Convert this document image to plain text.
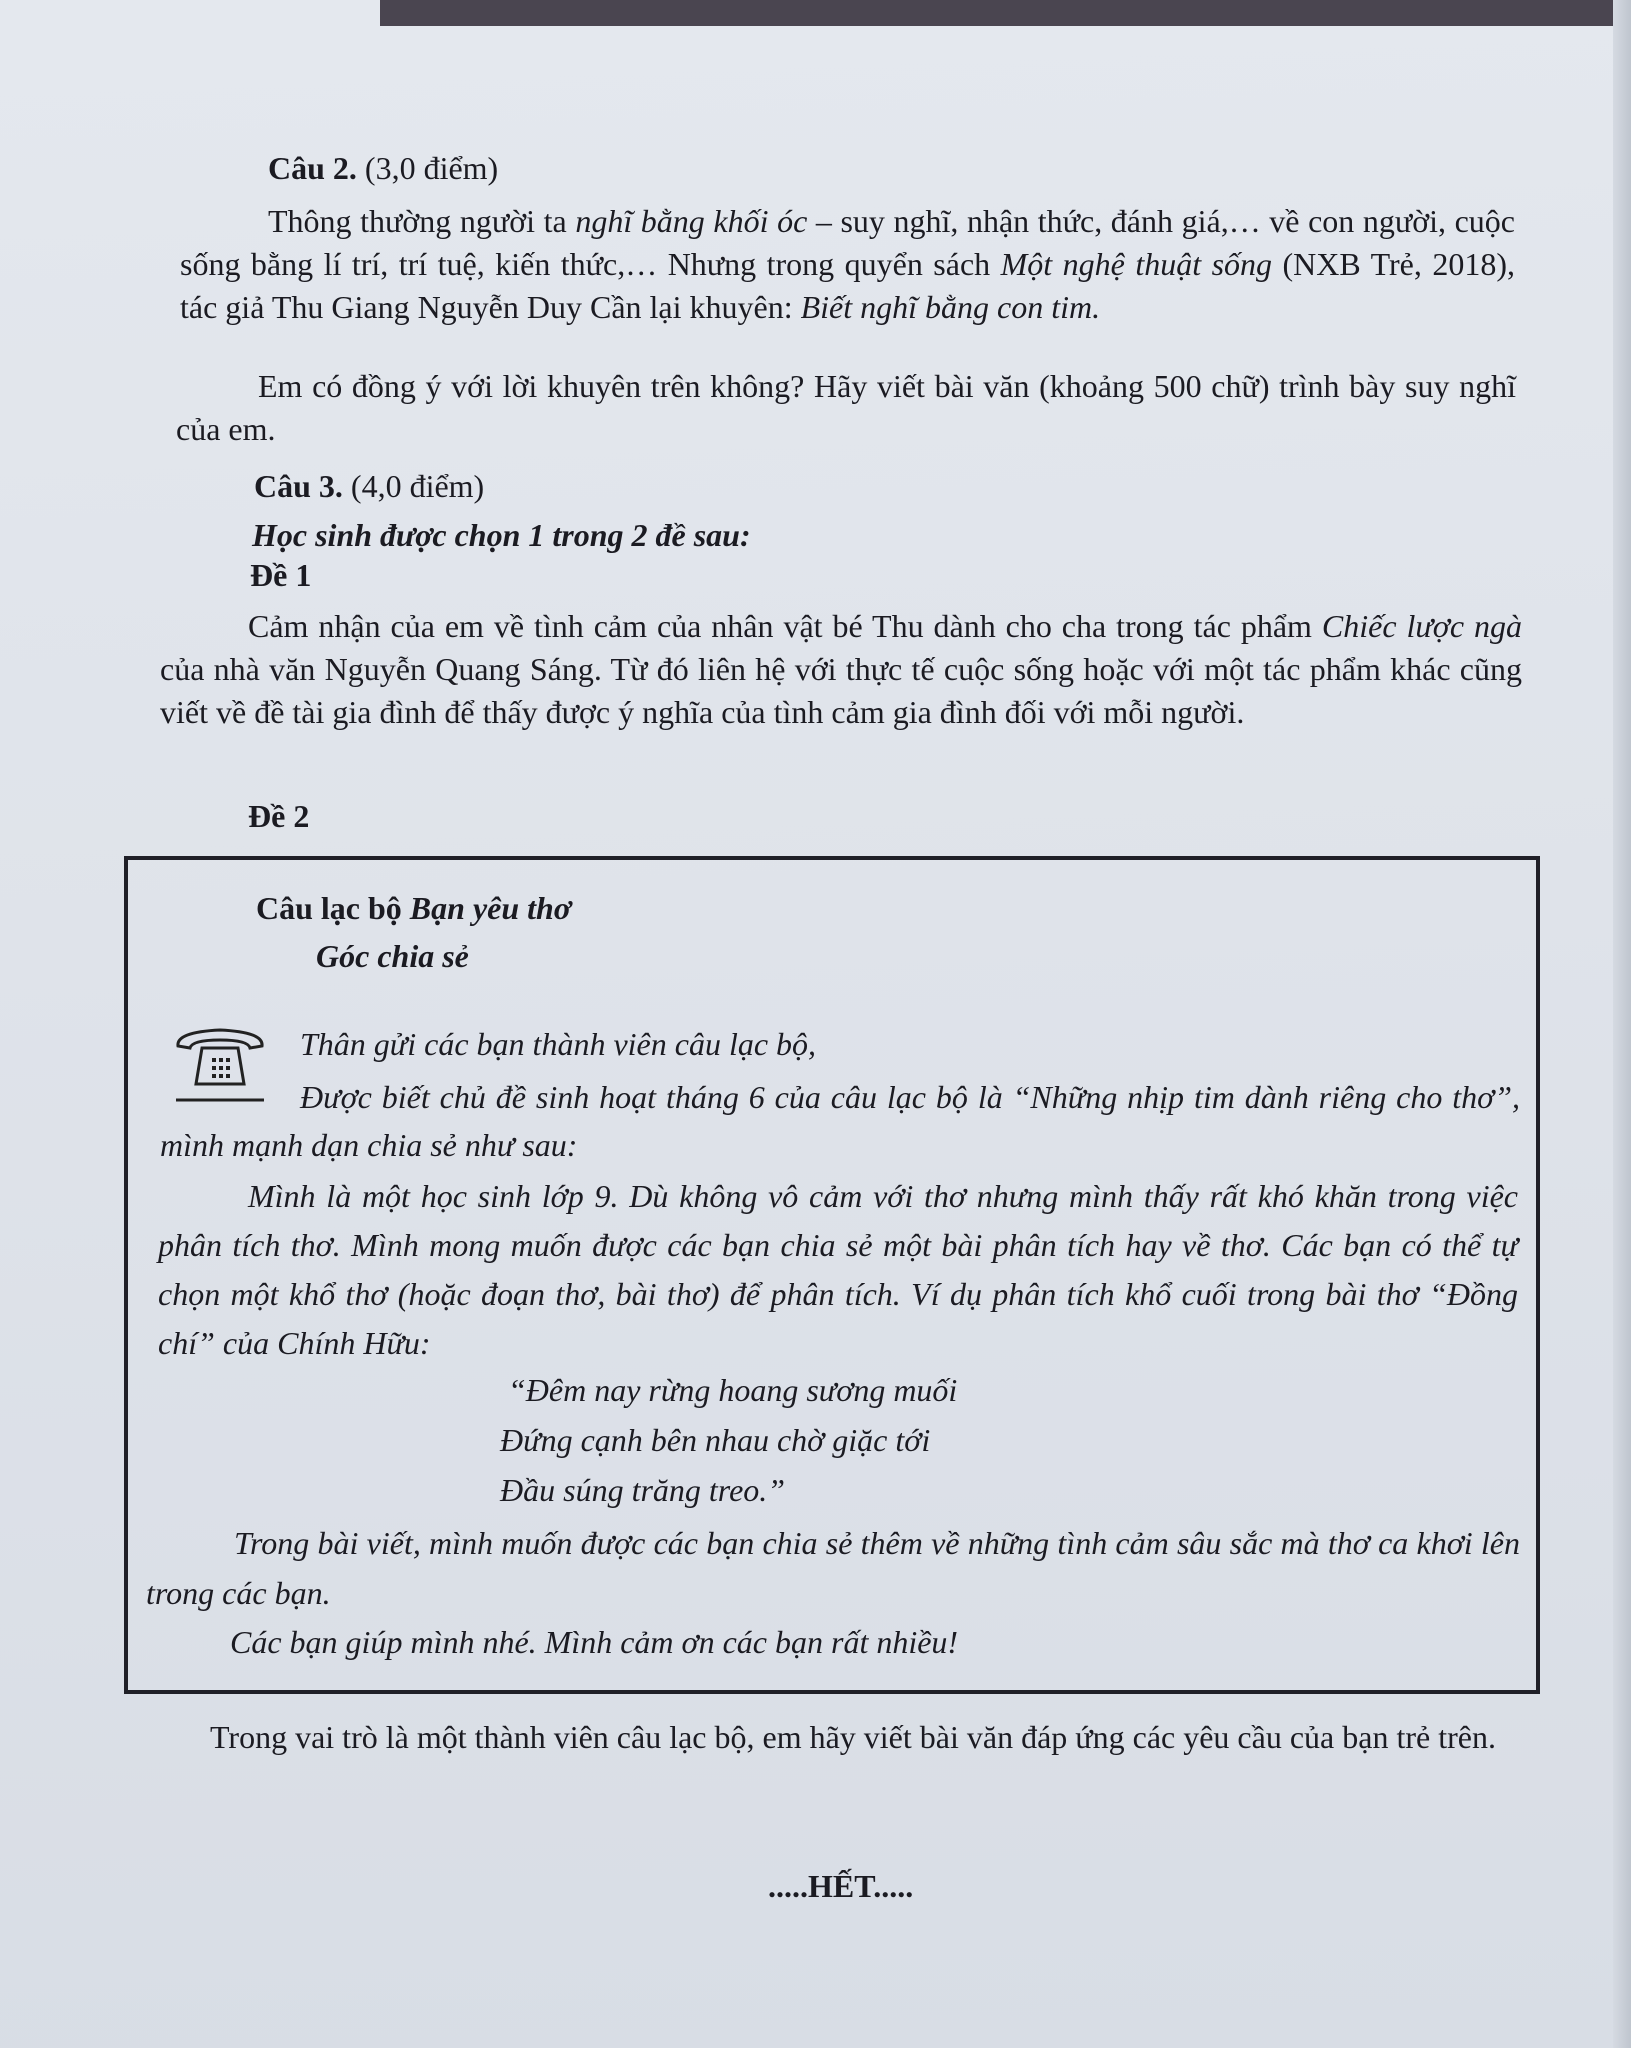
Câu 2. (3,0 điểm)
Thông thường người ta nghĩ bằng khối óc – suy nghĩ, nhận thức, đánh giá,… về con người, cuộc sống bằng lí trí, trí tuệ, kiến thức,… Nhưng trong quyển sách Một nghệ thuật sống (NXB Trẻ, 2018), tác giả Thu Giang Nguyễn Duy Cần lại khuyên: Biết nghĩ bằng con tim.
Em có đồng ý với lời khuyên trên không? Hãy viết bài văn (khoảng 500 chữ) trình bày suy nghĩ của em.
Câu 3. (4,0 điểm)
Học sinh được chọn 1 trong 2 đề sau:
Đề 1
Cảm nhận của em về tình cảm của nhân vật bé Thu dành cho cha trong tác phẩm Chiếc lược ngà của nhà văn Nguyễn Quang Sáng. Từ đó liên hệ với thực tế cuộc sống hoặc với một tác phẩm khác cũng viết về đề tài gia đình để thấy được ý nghĩa của tình cảm gia đình đối với mỗi người.
Đề 2
Câu lạc bộ Bạn yêu thơ
Góc chia sẻ
Thân gửi các bạn thành viên câu lạc bộ,
Được biết chủ đề sinh hoạt tháng 6 của câu lạc bộ là “Những nhịp tim dành riêng cho thơ”, mình mạnh dạn chia sẻ như sau:
Mình là một học sinh lớp 9. Dù không vô cảm với thơ nhưng mình thấy rất khó khăn trong việc phân tích thơ. Mình mong muốn được các bạn chia sẻ một bài phân tích hay về thơ. Các bạn có thể tự chọn một khổ thơ (hoặc đoạn thơ, bài thơ) để phân tích. Ví dụ phân tích khổ cuối trong bài thơ “Đồng chí” của Chính Hữu:
“Đêm nay rừng hoang sương muối
Đứng cạnh bên nhau chờ giặc tới
Đầu súng trăng treo.”
Trong bài viết, mình muốn được các bạn chia sẻ thêm về những tình cảm sâu sắc mà thơ ca khơi lên trong các bạn.
Các bạn giúp mình nhé. Mình cảm ơn các bạn rất nhiều!
Trong vai trò là một thành viên câu lạc bộ, em hãy viết bài văn đáp ứng các yêu cầu của bạn trẻ trên.
.....HẾT.....
